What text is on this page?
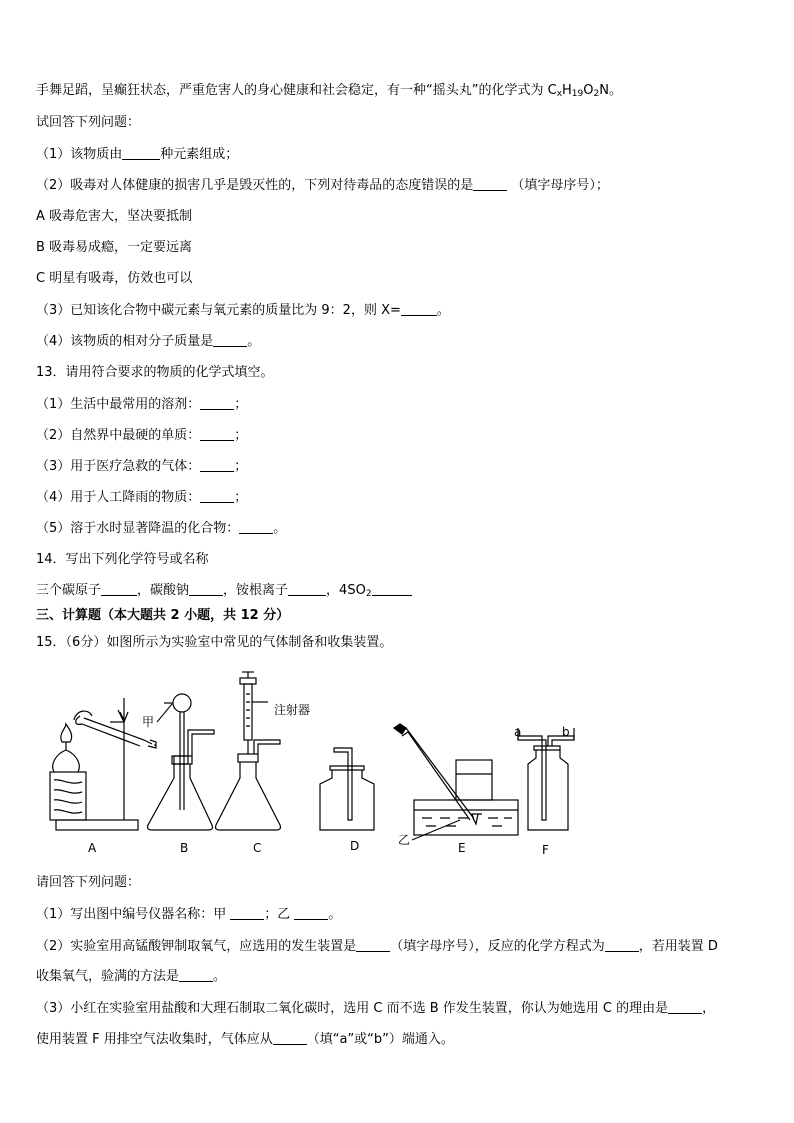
手舞足蹈，呈癫狂状态，严重危害人的身心健康和社会稳定，有一种“摇头丸”的化学式为 $C_xH_{19}O_2N$。
试回答下列问题：
（1）该物质由	种元素组成；
（2）吸毒对人体健康的损害几乎是毁灭性的，下列对待毒品的态度错误的是	（填字母序号）；
A 吸毒危害大，坚决要抵制
B 吸毒易成瘾，一定要远离
C 明星有吸毒，仿效也可以
（3）已知该化合物中碳元素与氧元素的质量比为 9：2，则 X=	。
（4）该物质的相对分子质量是	。
13．请用符合要求的物质的化学式填空。
（1）生活中最常用的溶剂：	；
（2）自然界中最硬的单质：	；
（3）用于医疗急救的气体：	；
（4）用于人工降雨的物质：	；
（5）溶于水时显著降温的化合物：	。
14．写出下列化学符号或名称
三个碳原子	，碳酸钠	，铵根离子	，$4SO_2$
三、计算题（本大题共 2 小题，共 12 分）
15．（6分）如图所示为实验室中常见的气体制备和收集装置。
甲
注射器
乙
a	b
A	B	C	D	E	F
请回答下列问题：
（1）写出图中编号仪器名称：甲	；乙	。
（2）实验室用高锰酸钾制取氧气，应选用的发生装置是	（填字母序号），反应的化学方程式为	，若用装置 D
收集氧气，验满的方法是	。
（3）小红在实验室用盐酸和大理石制取二氧化碳时，选用 C 而不选 B 作发生装置，你认为她选用 C 的理由是	，
使用装置 F 用排空气法收集时，气体应从	（填“a”或“b”）端通入。
